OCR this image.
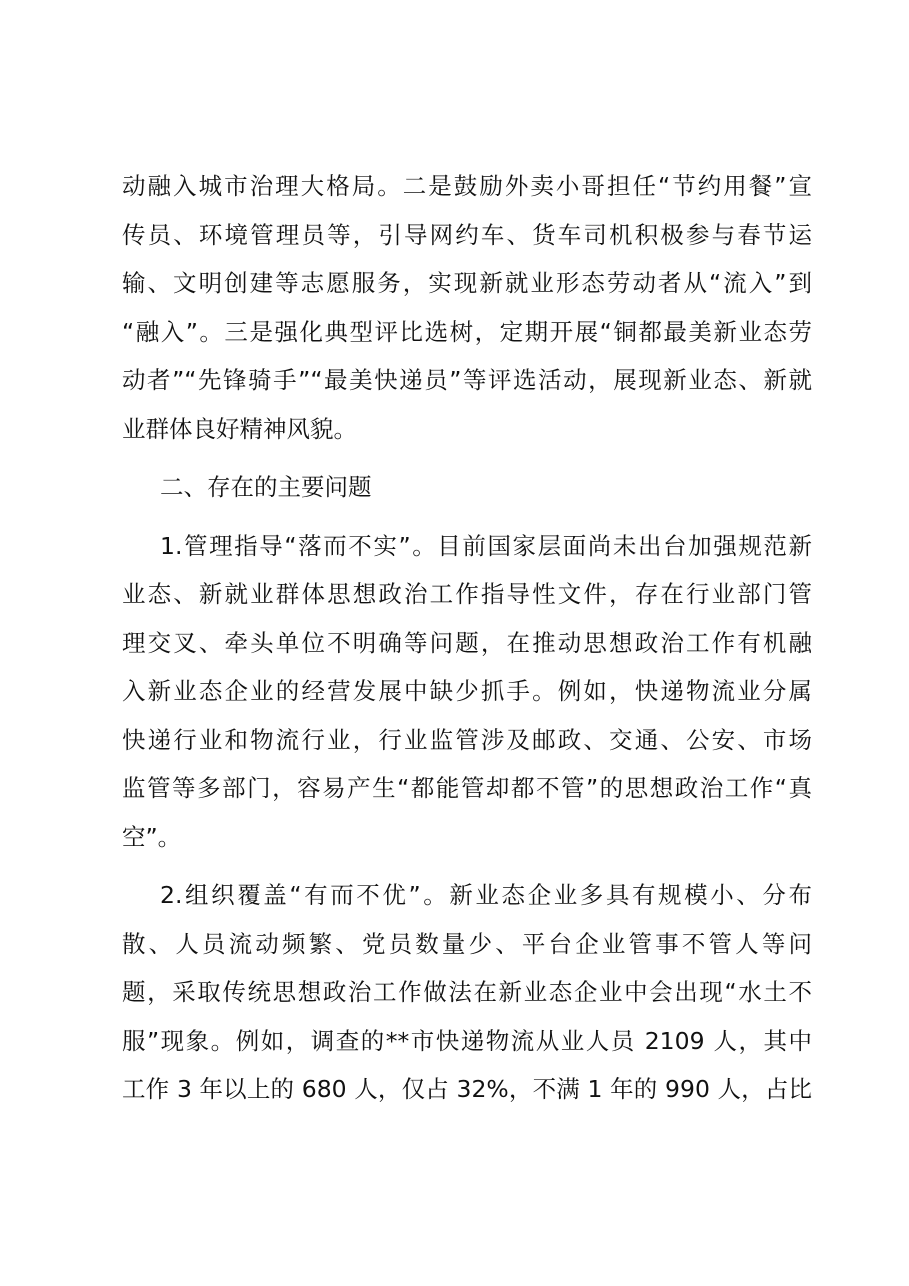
动融入城市治理大格局。二是鼓励外卖小哥担任“节约用餐”宣
传员、环境管理员等，引导网约车、货车司机积极参与春节运
输、文明创建等志愿服务，实现新就业形态劳动者从“流入”到
“融入”。三是强化典型评比选树，定期开展“铜都最美新业态劳
动者”“先锋骑手”“最美快递员”等评选活动，展现新业态、新就
业群体良好精神风貌。
二、存在的主要问题
1.管理指导“落而不实”。目前国家层面尚未出台加强规范新
业态、新就业群体思想政治工作指导性文件，存在行业部门管
理交叉、牵头单位不明确等问题，在推动思想政治工作有机融
入新业态企业的经营发展中缺少抓手。例如，快递物流业分属
快递行业和物流行业，行业监管涉及邮政、交通、公安、市场
监管等多部门，容易产生“都能管却都不管”的思想政治工作“真
空”。
2.组织覆盖“有而不优”。新业态企业多具有规模小、分布
散、人员流动频繁、党员数量少、平台企业管事不管人等问
题，采取传统思想政治工作做法在新业态企业中会出现“水土不
服”现象。例如，调查的**市快递物流从业人员 2109 人，其中
工作 3 年以上的 680 人，仅占 32%，不满 1 年的 990 人，占比
